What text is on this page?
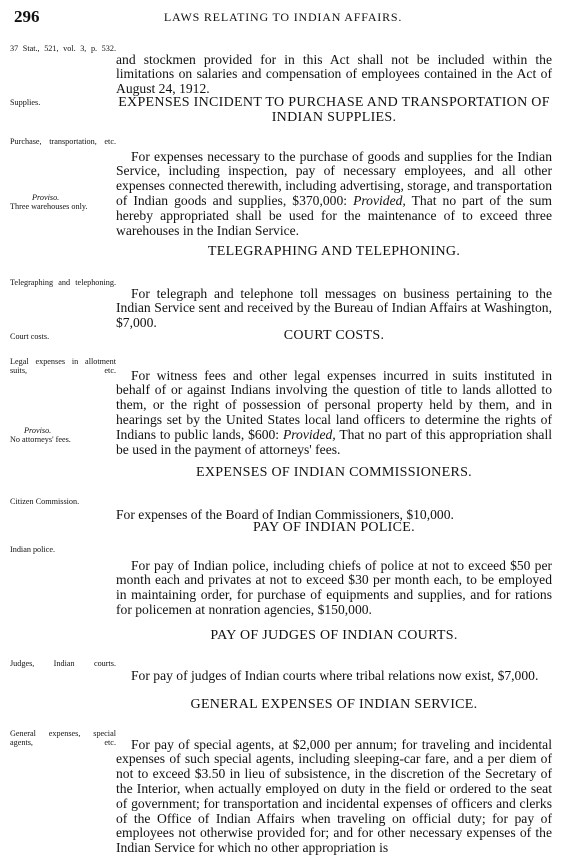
296	LAWS RELATING TO INDIAN AFFAIRS.
37 Stat., 521, vol. 3, p. 532.

and stockmen provided for in this Act shall not be included within the limitations on salaries and compensation of employees contained in the Act of August 24, 1912.

Supplies.	EXPENSES INCIDENT TO PURCHASE AND TRANSPORTATION OF INDIAN SUPPLIES.
Purchase, transportation, etc.
Proviso.
Three warehouses only.

For expenses necessary to the purchase of goods and supplies for the Indian Service, including inspection, pay of necessary employees, and all other expenses connected therewith, including advertising, storage, and transportation of Indian goods and supplies, $370,000: Provided, That no part of the sum hereby appropriated shall be used for the maintenance of to exceed three warehouses in the Indian Service.

TELEGRAPHING AND TELEPHONING.
Telegraphing and telephoning.

For telegraph and telephone toll messages on business pertaining to the Indian Service sent and received by the Bureau of Indian Affairs at Washington, $7,000.

Court costs.	COURT COSTS.
Legal expenses in allotment suits, etc.
Proviso.
No attorneys' fees.

For witness fees and other legal expenses incurred in suits instituted in behalf of or against Indians involving the question of title to lands allotted to them, or the right of possession of personal property held by them, and in hearings set by the United States local land officers to determine the rights of Indians to public lands, $600: Provided, That no part of this appropriation shall be used in the payment of attorneys' fees.

EXPENSES OF INDIAN COMMISSIONERS.
Citizen Commission.

For expenses of the Board of Indian Commissioners, $10,000.

PAY OF INDIAN POLICE.
Indian police.

For pay of Indian police, including chiefs of police at not to exceed $50 per month each and privates at not to exceed $30 per month each, to be employed in maintaining order, for purchase of equipments and supplies, and for rations for policemen at nonration agencies, $150,000.

PAY OF JUDGES OF INDIAN COURTS.
Judges, Indian courts.

For pay of judges of Indian courts where tribal relations now exist, $7,000.

GENERAL EXPENSES OF INDIAN SERVICE.
General expenses, special agents, etc.	For pay of special agents, at $2,000 per annum; for traveling and incidental expenses of such special agents, including sleeping-car fare, and a per diem of not to exceed $3.50 in lieu of subsistence, in the discretion of the Secretary of the Interior, when actually employed on duty in the field or ordered to the seat of government; for transportation and incidental expenses of officers and clerks of the Office of Indian Affairs when traveling on official duty; for pay of employees not otherwise provided for; and for other necessary expenses of the Indian Service for which no other appropriation is
